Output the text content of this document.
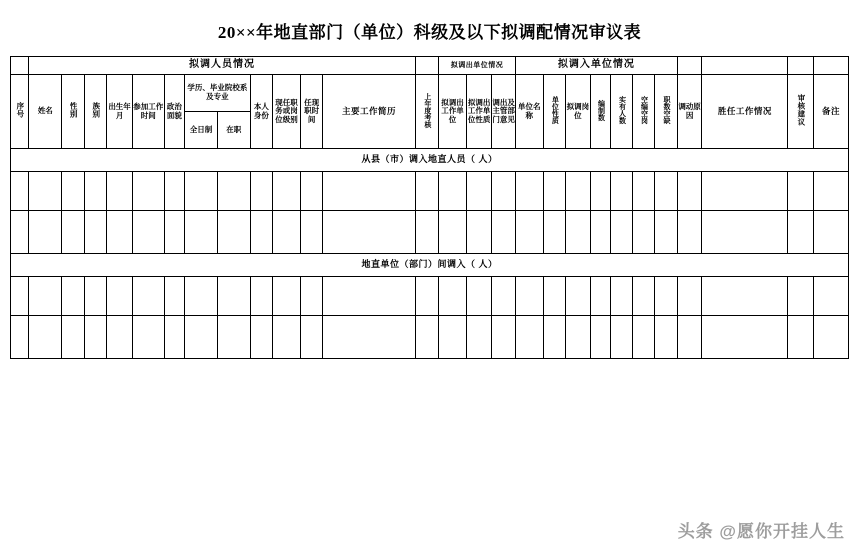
20××年地直部门（单位）科级及以下拟调配情况审议表
	拟调人员情况													拟调出单位情况			拟调入单位情况										
序号	姓名	性别	族别	出生年月	参加工作时间	政治面貌	学历、毕业院校系及专业		本人身份	现任职务或岗位级别	任现职时间	主要工作简历	上年度考核	拟调出工作单位	拟调出工作单位性质	调出及主管部门意见	单位名称	单位性质	拟调岗位	编制数	实有人数	空编空岗	职数空缺	调动原因	胜任工作情况	审核建议	备注
							全日制	在职																			
从县（市）调入地直人员（ 人）																											

地直单位（部门）间调入（ 人）																											

头条 @愿你开挂人生
